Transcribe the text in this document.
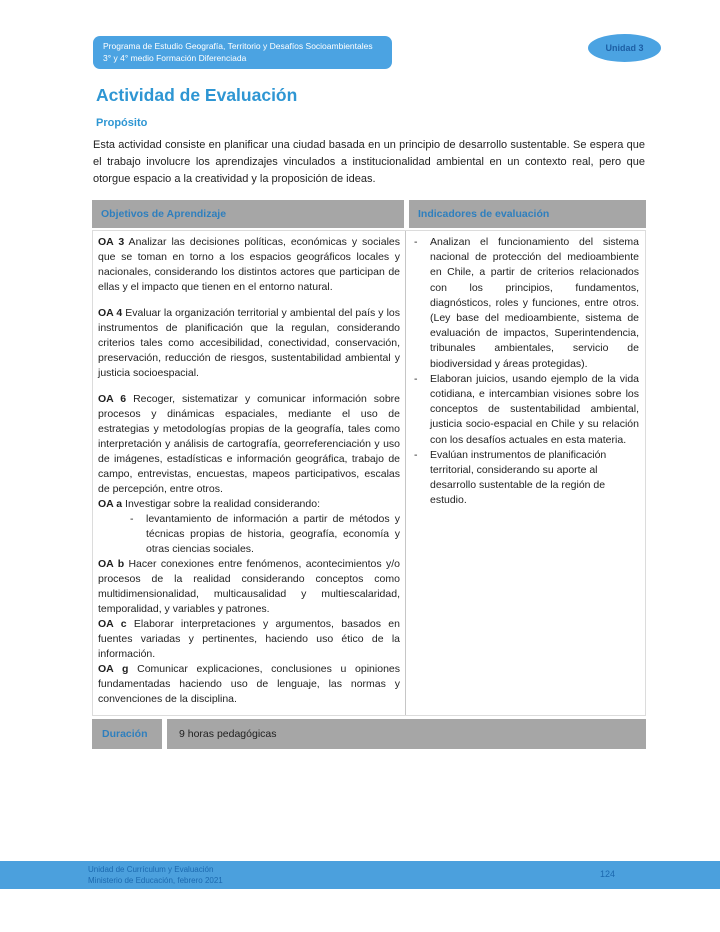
Programa de Estudio Geografía, Territorio y Desafíos Socioambientales
3° y 4° medio Formación Diferenciada
Unidad 3
Actividad de Evaluación
Propósito
Esta actividad consiste en planificar una ciudad basada en un principio de desarrollo sustentable. Se espera que el trabajo involucre los aprendizajes vinculados a institucionalidad ambiental en un contexto real, pero que otorgue espacio a la creatividad y la proposición de ideas.
Objetivos de Aprendizaje	Indicadores de evaluación
OA 3 Analizar las decisiones políticas, económicas y sociales que se toman en torno a los espacios geográficos locales y nacionales, considerando los distintos actores que participan de ellas y el impacto que tienen en el entorno natural.
OA 4 Evaluar la organización territorial y ambiental del país y los instrumentos de planificación que la regulan, considerando criterios tales como accesibilidad, conectividad, conservación, preservación, reducción de riesgos, sustentabilidad ambiental y justicia socioespacial.
OA 6 Recoger, sistematizar y comunicar información sobre procesos y dinámicas espaciales, mediante el uso de estrategias y metodologías propias de la geografía, tales como interpretación y análisis de cartografía, georreferenciación y uso de imágenes, estadísticas e información geográfica, trabajo de campo, entrevistas, encuestas, mapeos participativos, escalas de percepción, entre otros.
OA a Investigar sobre la realidad considerando:
-	levantamiento de información a partir de métodos y técnicas propias de historia, geografía, economía y otras ciencias sociales.
OA b Hacer conexiones entre fenómenos, acontecimientos y/o procesos de la realidad considerando conceptos como multidimensionalidad, multicausalidad y multiescalaridad, temporalidad, y variables y patrones.
OA c Elaborar interpretaciones y argumentos, basados en fuentes variadas y pertinentes, haciendo uso ético de la información.
OA g Comunicar explicaciones, conclusiones u opiniones fundamentadas haciendo uso de lenguaje, las normas y convenciones de la disciplina.
-	Analizan el funcionamiento del sistema nacional de protección del medioambiente en Chile, a partir de criterios relacionados con los principios, fundamentos, diagnósticos, roles y funciones, entre otros. (Ley base del medioambiente, sistema de evaluación de impactos, Superintendencia, tribunales ambientales, servicio de biodiversidad y áreas protegidas).
-	Elaboran juicios, usando ejemplo de la vida cotidiana, e intercambian visiones sobre los conceptos de sustentabilidad ambiental, justicia socio-espacial en Chile y su relación con los desafíos actuales en esta materia.
-	Evalúan instrumentos de planificación territorial, considerando su aporte al desarrollo sustentable de la región de estudio.
Duración	9 horas pedagógicas
Unidad de Currículum y Evaluación
Ministerio de Educación, febrero 2021
124
